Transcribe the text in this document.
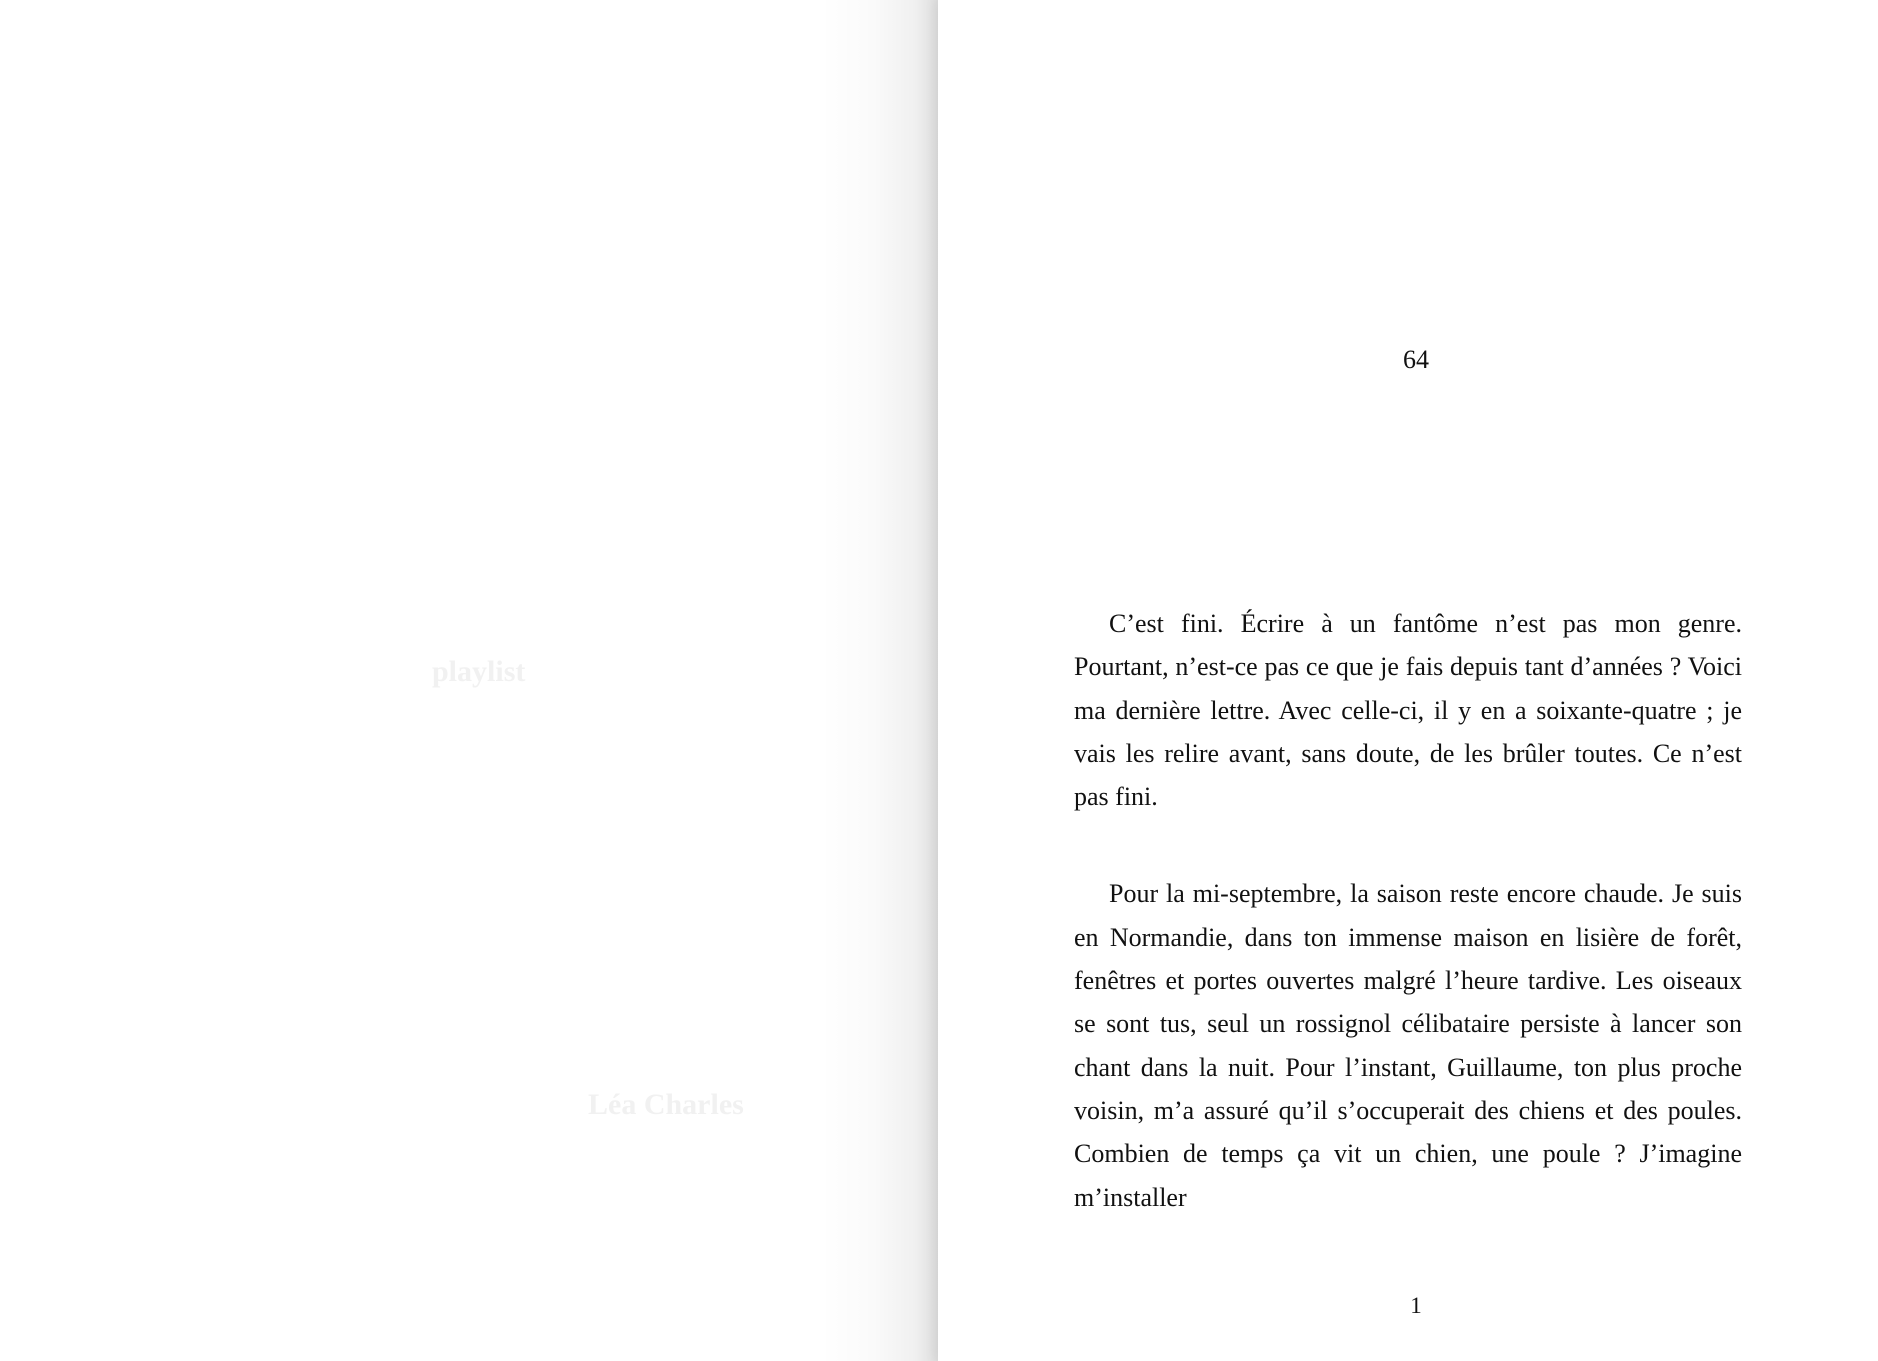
playlist
Léa Charles
64

C’est fini. Écrire à un fantôme n’est pas mon genre. Pourtant, n’est-ce pas ce que je fais depuis tant d’années ? Voici ma dernière lettre. Avec celle-ci, il y en a soixante-quatre ; je vais les relire avant, sans doute, de les brûler toutes. Ce n’est pas fini.

Pour la mi-septembre, la saison reste encore chaude. Je suis en Normandie, dans ton immense maison en lisière de forêt, fenêtres et portes ouvertes malgré l’heure tardive. Les oiseaux se sont tus, seul un rossignol célibataire persiste à lancer son chant dans la nuit. Pour l’instant, Guillaume, ton plus proche voisin, m’a assuré qu’il s’occuperait des chiens et des poules. Combien de temps ça vit un chien, une poule ? J’imagine m’installer

1
